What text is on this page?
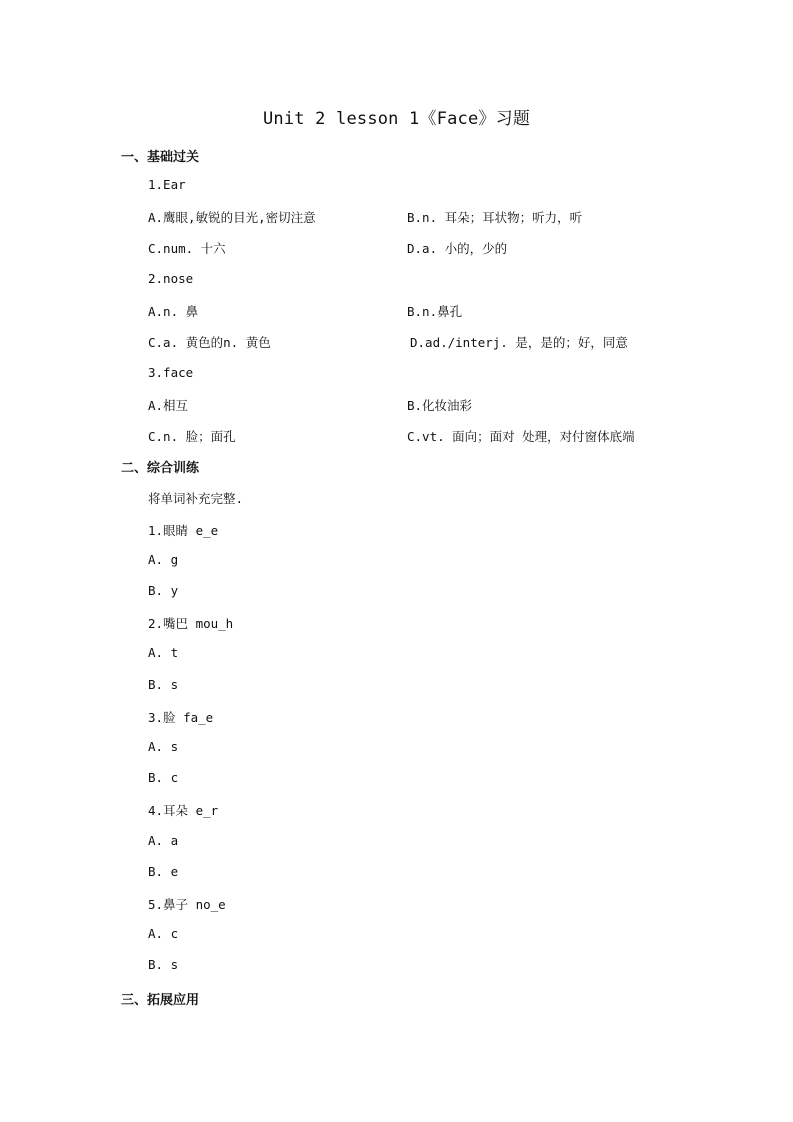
Unit 2 lesson 1《Face》习题
一、基础过关
1.Ear
A.鹰眼,敏锐的目光,密切注意	B.n. 耳朵；耳状物；听力，听
C.num. 十六	D.a. 小的，少的
2.nose
A.n. 鼻	B.n.鼻孔
C.a. 黄色的n. 黄色	D.ad./interj. 是，是的；好，同意
3.face
A.相互	B.化妆油彩
C.n. 脸；面孔	C.vt. 面向；面对 处理，对付窗体底端
二、综合训练
将单词补充完整.
1.眼睛 e_e
A. g
B. y
2.嘴巴 mou_h
A. t
B. s
3.脸 fa_e
A. s
B. c
4.耳朵 e_r
A. a
B. e
5.鼻子 no_e
A. c
B. s
三、拓展应用
